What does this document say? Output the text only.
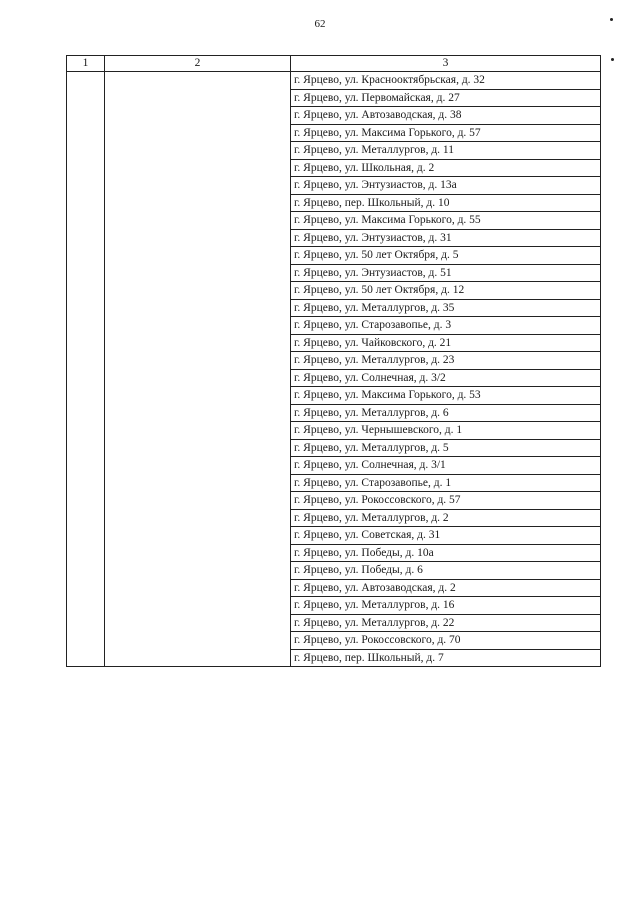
62
1	2	3
		г. Ярцево, ул. Краснооктябрьская, д. 32
		г. Ярцево, ул. Первомайская, д. 27
		г. Ярцево, ул. Автозаводская, д. 38
		г. Ярцево, ул. Максима Горького, д. 57
		г. Ярцево, ул. Металлургов, д. 11
		г. Ярцево, ул. Школьная, д. 2
		г. Ярцево, ул. Энтузиастов, д. 13а
		г. Ярцево, пер. Школьный, д. 10
		г. Ярцево, ул. Максима Горького, д. 55
		г. Ярцево, ул. Энтузиастов, д. 31
		г. Ярцево, ул. 50 лет Октября, д. 5
		г. Ярцево, ул. Энтузиастов, д. 51
		г. Ярцево, ул. 50 лет Октября, д. 12
		г. Ярцево, ул. Металлургов, д. 35
		г. Ярцево, ул. Старозавопье, д. 3
		г. Ярцево, ул. Чайковского, д. 21
		г. Ярцево, ул. Металлургов, д. 23
		г. Ярцево, ул. Солнечная, д. 3/2
		г. Ярцево, ул. Максима Горького, д. 53
		г. Ярцево, ул. Металлургов, д. 6
		г. Ярцево, ул. Чернышевского, д. 1
		г. Ярцево, ул. Металлургов, д. 5
		г. Ярцево, ул. Солнечная, д. 3/1
		г. Ярцево, ул. Старозавопье, д. 1
		г. Ярцево, ул. Рокоссовского, д. 57
		г. Ярцево, ул. Металлургов, д. 2
		г. Ярцево, ул. Советская, д. 31
		г. Ярцево, ул. Победы, д. 10а
		г. Ярцево, ул. Победы, д. 6
		г. Ярцево, ул. Автозаводская, д. 2
		г. Ярцево, ул. Металлургов, д. 16
		г. Ярцево, ул. Металлургов, д. 22
		г. Ярцево, ул. Рокоссовского, д. 70
		г. Ярцево, пер. Школьный, д. 7
